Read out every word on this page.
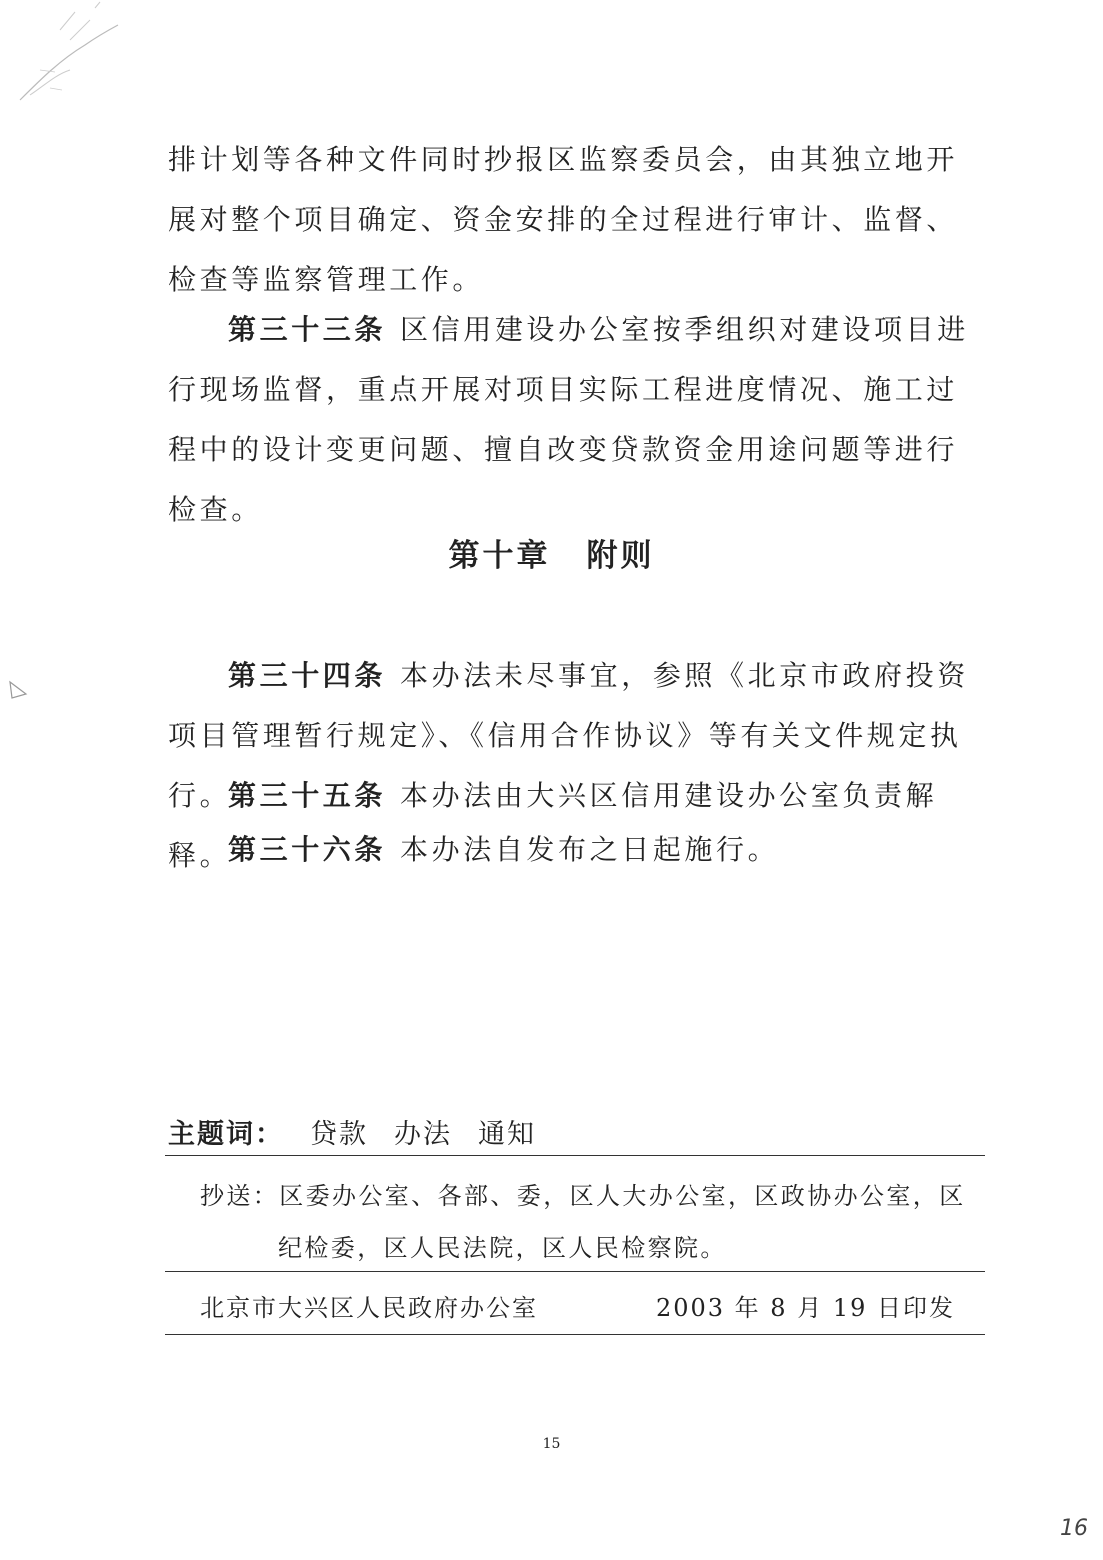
排计划等各种文件同时抄报区监察委员会，由其独立地开展对整个项目确定、资金安排的全过程进行审计、监督、检查等监察管理工作。

第三十三条 区信用建设办公室按季组织对建设项目进行现场监督，重点开展对项目实际工程进度情况、施工过程中的设计变更问题、擅自改变贷款资金用途问题等进行检查。

第十章 附则

第三十四条 本办法未尽事宜，参照《北京市政府投资项目管理暂行规定》、《信用合作协议》等有关文件规定执行。

第三十五条 本办法由大兴区信用建设办公室负责解释。

第三十六条 本办法自发布之日起施行。

主题词： 贷款 办法 通知

抄送：区委办公室、各部、委，区人大办公室，区政协办公室，区
纪检委，区人民法院，区人民检察院。

北京市大兴区人民政府办公室	2003 年 8 月 19 日印发
15
16
